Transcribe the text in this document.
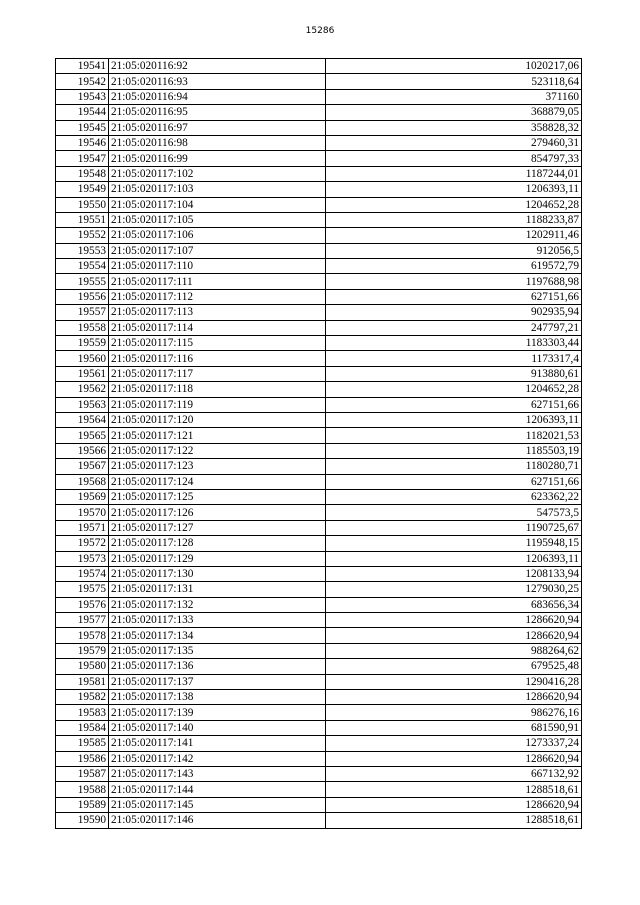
15286
19541	21:05:020116:92	1020217,06
19542	21:05:020116:93	523118,64
19543	21:05:020116:94	371160
19544	21:05:020116:95	368879,05
19545	21:05:020116:97	358828,32
19546	21:05:020116:98	279460,31
19547	21:05:020116:99	854797,33
19548	21:05:020117:102	1187244,01
19549	21:05:020117:103	1206393,11
19550	21:05:020117:104	1204652,28
19551	21:05:020117:105	1188233,87
19552	21:05:020117:106	1202911,46
19553	21:05:020117:107	912056,5
19554	21:05:020117:110	619572,79
19555	21:05:020117:111	1197688,98
19556	21:05:020117:112	627151,66
19557	21:05:020117:113	902935,94
19558	21:05:020117:114	247797,21
19559	21:05:020117:115	1183303,44
19560	21:05:020117:116	1173317,4
19561	21:05:020117:117	913880,61
19562	21:05:020117:118	1204652,28
19563	21:05:020117:119	627151,66
19564	21:05:020117:120	1206393,11
19565	21:05:020117:121	1182021,53
19566	21:05:020117:122	1185503,19
19567	21:05:020117:123	1180280,71
19568	21:05:020117:124	627151,66
19569	21:05:020117:125	623362,22
19570	21:05:020117:126	547573,5
19571	21:05:020117:127	1190725,67
19572	21:05:020117:128	1195948,15
19573	21:05:020117:129	1206393,11
19574	21:05:020117:130	1208133,94
19575	21:05:020117:131	1279030,25
19576	21:05:020117:132	683656,34
19577	21:05:020117:133	1286620,94
19578	21:05:020117:134	1286620,94
19579	21:05:020117:135	988264,62
19580	21:05:020117:136	679525,48
19581	21:05:020117:137	1290416,28
19582	21:05:020117:138	1286620,94
19583	21:05:020117:139	986276,16
19584	21:05:020117:140	681590,91
19585	21:05:020117:141	1273337,24
19586	21:05:020117:142	1286620,94
19587	21:05:020117:143	667132,92
19588	21:05:020117:144	1288518,61
19589	21:05:020117:145	1286620,94
19590	21:05:020117:146	1288518,61
